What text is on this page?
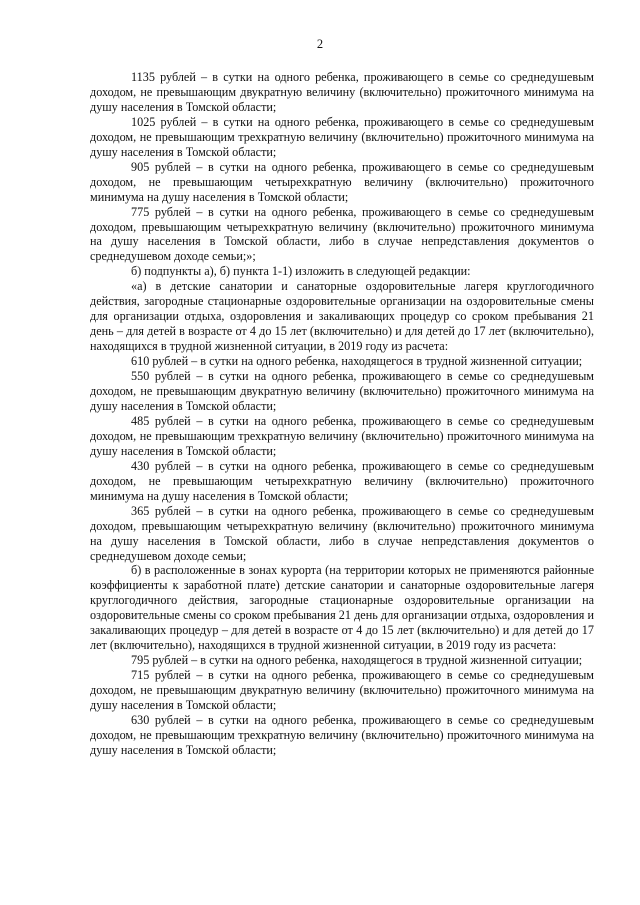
2

1135 рублей – в сутки на одного ребенка, проживающего в семье со среднедушевым доходом, не превышающим двукратную величину (включительно) прожиточного минимума на душу населения в Томской области;

1025 рублей – в сутки на одного ребенка, проживающего в семье со среднедушевым доходом, не превышающим трехкратную величину (включительно) прожиточного минимума на душу населения в Томской области;

905 рублей – в сутки на одного ребенка, проживающего в семье со среднедушевым доходом, не превышающим четырехкратную величину (включительно) прожиточного минимума на душу населения в Томской области;

775 рублей – в сутки на одного ребенка, проживающего в семье со среднедушевым доходом, превышающим четырехкратную величину (включительно) прожиточного минимума на душу населения в Томской области, либо в случае непредставления документов о среднедушевом доходе семьи;»;

б) подпункты а), б) пункта 1-1) изложить в следующей редакции:

«а) в детские санатории и санаторные оздоровительные лагеря круглогодичного действия, загородные стационарные оздоровительные организации на оздоровительные смены для организации отдыха, оздоровления и закаливающих процедур со сроком пребывания 21 день – для детей в возрасте от 4 до 15 лет (включительно) и для детей до 17 лет (включительно), находящихся в трудной жизненной ситуации, в 2019 году из расчета:

610 рублей – в сутки на одного ребенка, находящегося в трудной жизненной ситуации;

550 рублей – в сутки на одного ребенка, проживающего в семье со среднедушевым доходом, не превышающим двукратную величину (включительно) прожиточного минимума на душу населения в Томской области;

485 рублей – в сутки на одного ребенка, проживающего в семье со среднедушевым доходом, не превышающим трехкратную величину (включительно) прожиточного минимума на душу населения в Томской области;

430 рублей – в сутки на одного ребенка, проживающего в семье со среднедушевым доходом, не превышающим четырехкратную величину (включительно) прожиточного минимума на душу населения в Томской области;

365 рублей – в сутки на одного ребенка, проживающего в семье со среднедушевым доходом, превышающим четырехкратную величину (включительно) прожиточного минимума на душу населения в Томской области, либо в случае непредставления документов о среднедушевом доходе семьи;

б) в расположенные в зонах курорта (на территории которых не применяются районные коэффициенты к заработной плате) детские санатории и санаторные оздоровительные лагеря круглогодичного действия, загородные стационарные оздоровительные организации на оздоровительные смены со сроком пребывания 21 день для организации отдыха, оздоровления и закаливающих процедур – для детей в возрасте от 4 до 15 лет (включительно) и для детей до 17 лет (включительно), находящихся в трудной жизненной ситуации, в 2019 году из расчета:

795 рублей – в сутки на одного ребенка, находящегося в трудной жизненной ситуации;

715 рублей – в сутки на одного ребенка, проживающего в семье со среднедушевым доходом, не превышающим двукратную величину (включительно) прожиточного минимума на душу населения в Томской области;

630 рублей – в сутки на одного ребенка, проживающего в семье со среднедушевым доходом, не превышающим трехкратную величину (включительно) прожиточного минимума на душу населения в Томской области;
